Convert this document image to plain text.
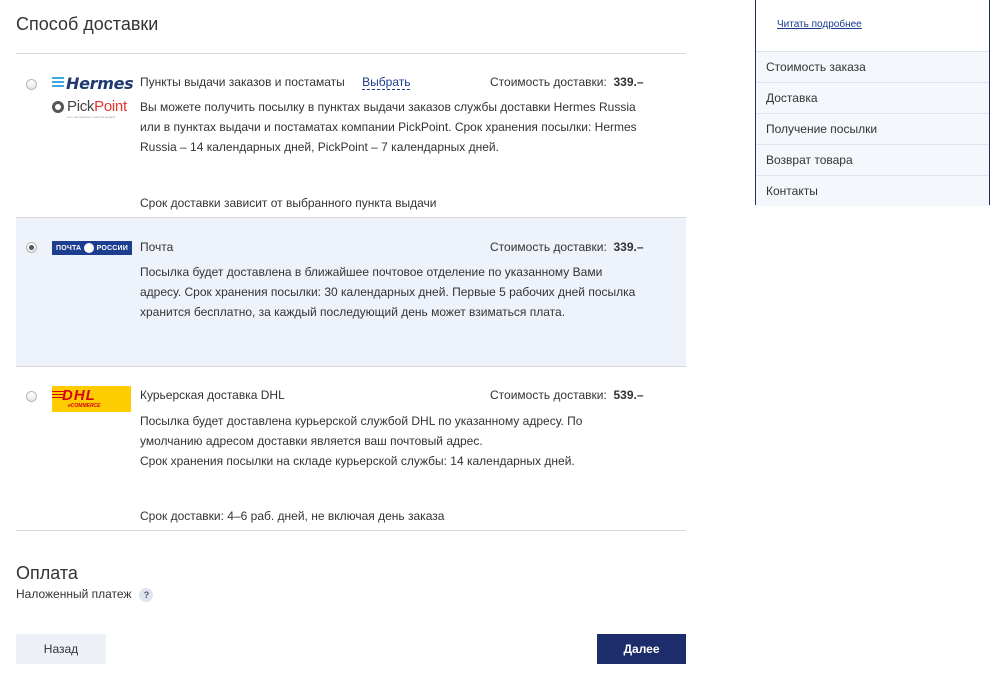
Способ доставки
Hermes
PickPoint
сеть постаматов и пунктов выдачи
Пункты выдачи заказов и постаматы Выбрать	Стоимость доставки: 339.–
Вы можете получить посылку в пунктах выдачи заказов службы доставки Hermes Russia или в пунктах выдачи и постаматах компании PickPoint. Срок хранения посылки: Hermes Russia – 14 календарных дней, PickPoint – 7 календарных дней.
Срок доставки зависит от выбранного пункта выдачи
ПОЧТА РОССИИ Почта	Стоимость доставки: 339.–
Посылка будет доставлена в ближайшее почтовое отделение по указанному Вами адресу. Срок хранения посылки: 30 календарных дней. Первые 5 рабочих дней посылка хранится бесплатно, за каждый последующий день может взиматься плата.
DHL
eCOMMERCE
Курьерская доставка DHL	Стоимость доставки: 539.–
Посылка будет доставлена курьерской службой DHL по указанному адресу. По умолчанию адресом доставки является ваш почтовый адрес.
Срок хранения посылки на складе курьерской службы: 14 календарных дней.
Срок доставки: 4–6 раб. дней, не включая день заказа
Оплата
Наложенный платеж ?
Назад	Далее
Читать подробнее
Стоимость заказа
Доставка
Получение посылки
Возврат товара
Контакты
